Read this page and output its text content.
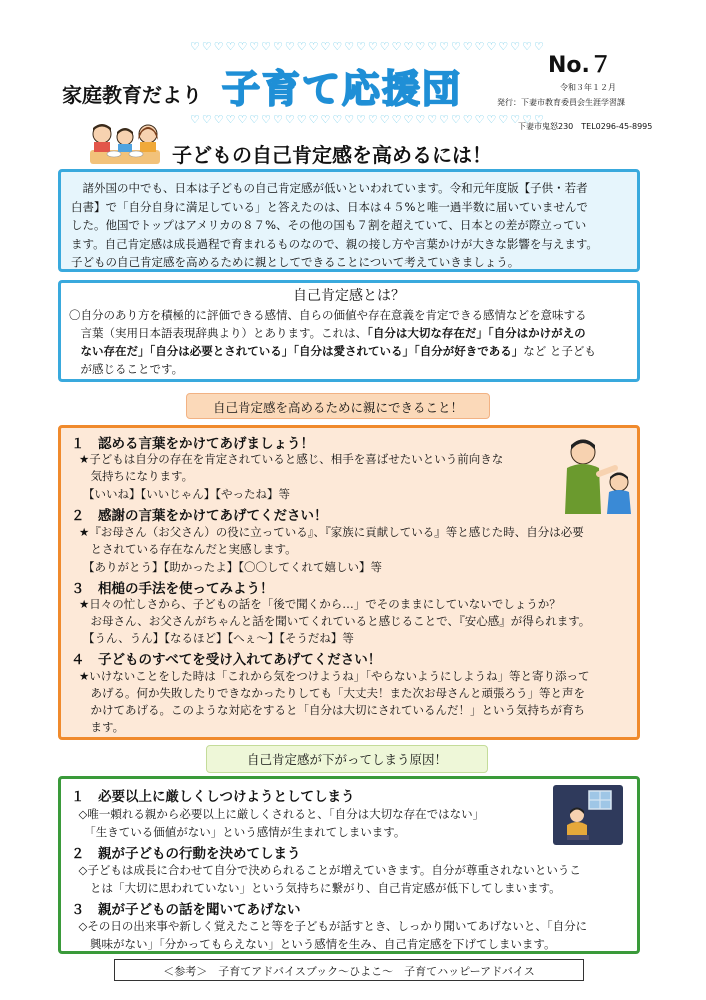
♡♡♡♡♡♡♡♡♡♡♡♡♡♡♡♡♡♡♡♡♡♡♡♡♡♡♡♡♡♡
♡♡♡♡♡♡♡♡♡♡♡♡♡♡♡♡♡♡♡♡♡♡♡♡♡♡♡♡♡♡
家庭教育だより 子育て応援団
No.７
令和３年１２月
発行：下妻市教育委員会生涯学習課
下妻市鬼怒230　TEL0296-45-8995
子どもの自己肯定感を高めるには！
　諸外国の中でも、日本は子どもの自己肯定感が低いといわれています。令和元年度版【子供・若者
白書】で「自分自身に満足している」と答えたのは、日本は４５%と唯一過半数に届いていませんで
した。他国でトップはアメリカの８７%、その他の国も７割を超えていて、日本との差が際立ってい
ます。自己肯定感は成長過程で育まれるものなので、親の接し方や言葉かけが大きな影響を与えます。
子どもの自己肯定感を高めるために親としてできることについて考えていきましょう。
自己肯定感とは？
〇自分のあり方を積極的に評価できる感情、自らの価値や存在意義を肯定できる感情などを意味する
　言葉（実用日本語表現辞典より）とあります。これは、「自分は大切な存在だ」「自分はかけがえの
　ない存在だ」「自分は必要とされている」「自分は愛されている」「自分が好きである」など と子ども
　が感じることです。
自己肯定感を高めるために親にできること！
１　認める言葉をかけてあげましょう！
★子どもは自分の存在を肯定されていると感じ、相手を喜ばせたいという前向きな
　気持ちになります。
【いいね】【いいじゃん】【やったね】等
２　感謝の言葉をかけてあげてください！
★『お母さん（お父さん）の役に立っている』、『家族に貢献している』等と感じた時、自分は必要
　とされている存在なんだと実感します。
【ありがとう】【助かったよ】【〇〇してくれて嬉しい】等
３　相槌の手法を使ってみよう！
★日々の忙しさから、子どもの話を「後で聞くから…」でそのままにしていないでしょうか？
　お母さん、お父さんがちゃんと話を聞いてくれていると感じることで、『安心感』が得られます。
【うん、うん】【なるほど】【へぇ～】【そうだね】等
４　子どものすべてを受け入れてあげてください！
★いけないことをした時は「これから気をつけようね」「やらないようにしようね」等と寄り添って
　あげる。何か失敗したりできなかったりしても「大丈夫！また次お母さんと頑張ろう」等と声を
　かけてあげる。このような対応をすると「自分は大切にされているんだ！」という気持ちが育ち
　ます。
自己肯定感が下がってしまう原因！
１　必要以上に厳しくしつけようとしてしまう
　◇唯一頼れる親から必要以上に厳しくされると、「自分は大切な存在ではない」
　　「生きている価値がない」という感情が生まれてしまいます。
２　親が子どもの行動を決めてしまう
　◇子どもは成長に合わせて自分で決められることが増えていきます。自分が尊重されないというこ
　　とは「大切に思われていない」という気持ちに繋がり、自己肯定感が低下してしまいます。
３　親が子どもの話を聞いてあげない
　◇その日の出来事や新しく覚えたこと等を子どもが話すとき、しっかり聞いてあげないと、「自分に
　　興味がない」「分かってもらえない」という感情を生み、自己肯定感を下げてしまいます。
＜参考＞　子育てアドバイスブック～ひよこ～　子育てハッピーアドバイス
